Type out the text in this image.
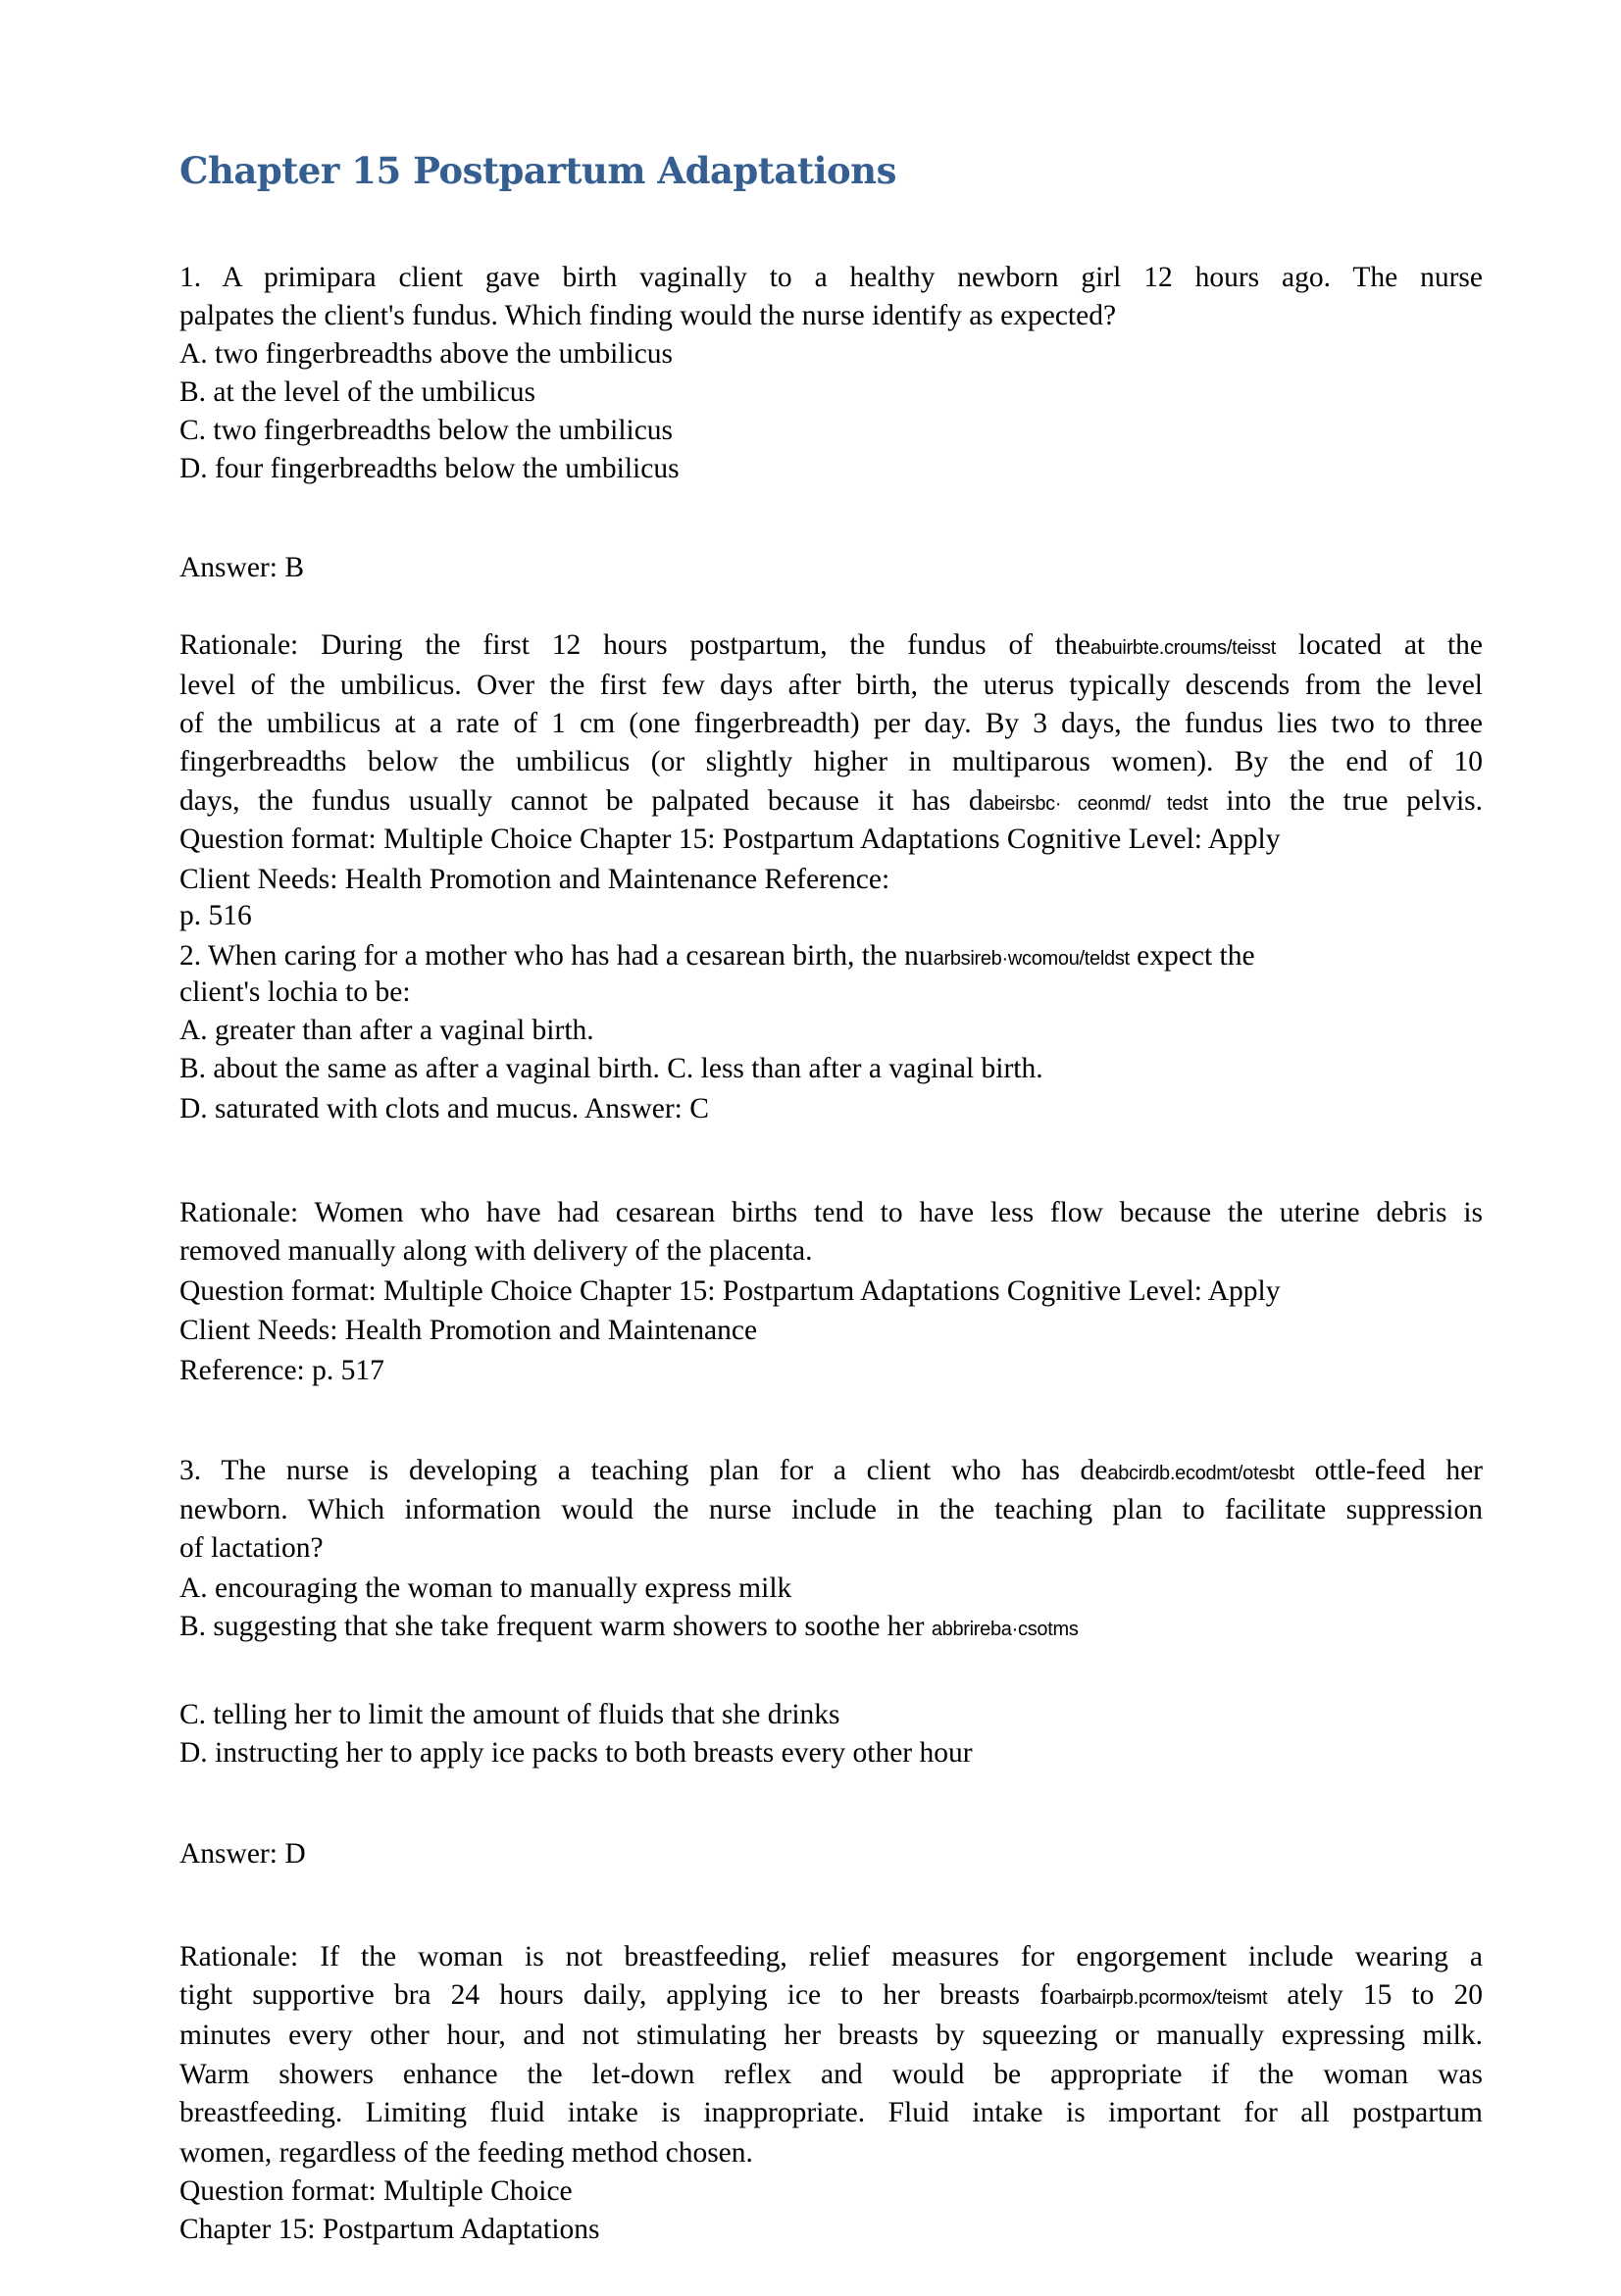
Chapter 15 Postpartum Adaptations
1. A primipara client gave birth vaginally to a healthy newborn girl 12 hours ago. The nurse
palpates the client's fundus. Which finding would the nurse identify as expected?
A. two fingerbreadths above the umbilicus
B. at the level of the umbilicus
C. two fingerbreadths below the umbilicus
D. four fingerbreadths below the umbilicus
Answer: B
Rationale: During the first 12 hours postpartum, the fundus of theabuirbte.croums/teisst located at the
level of the umbilicus. Over the first few days after birth, the uterus typically descends from the level
of the umbilicus at a rate of 1 cm (one fingerbreadth) per day. By 3 days, the fundus lies two to three
fingerbreadths below the umbilicus (or slightly higher in multiparous women). By the end of 10
days, the fundus usually cannot be palpated because it has dabeirsbc· ceonmd/ tedst into the true pelvis.
Question format: Multiple Choice Chapter 15: Postpartum Adaptations Cognitive Level: Apply
Client Needs: Health Promotion and Maintenance Reference:
p. 516
2. When caring for a mother who has had a cesarean birth, the nuarbsireb·wcomou/teldst expect the
client's lochia to be:
A. greater than after a vaginal birth.
B. about the same as after a vaginal birth. C. less than after a vaginal birth.
D. saturated with clots and mucus. Answer: C
Rationale: Women who have had cesarean births tend to have less flow because the uterine debris is
removed manually along with delivery of the placenta.
Question format: Multiple Choice Chapter 15: Postpartum Adaptations Cognitive Level: Apply
Client Needs: Health Promotion and Maintenance
Reference: p. 517
3. The nurse is developing a teaching plan for a client who has deabcirdb.ecodmt/otesbt ottle-feed her
newborn. Which information would the nurse include in the teaching plan to facilitate suppression
of lactation?
A. encouraging the woman to manually express milk
B. suggesting that she take frequent warm showers to soothe her abbrireba·csotms
C. telling her to limit the amount of fluids that she drinks
D. instructing her to apply ice packs to both breasts every other hour
Answer: D
Rationale: If the woman is not breastfeeding, relief measures for engorgement include wearing a
tight supportive bra 24 hours daily, applying ice to her breasts foarbairpb.pcormox/teismt ately 15 to 20
minutes every other hour, and not stimulating her breasts by squeezing or manually expressing milk.
Warm showers enhance the let-down reflex and would be appropriate if the woman was
breastfeeding. Limiting fluid intake is inappropriate. Fluid intake is important for all postpartum
women, regardless of the feeding method chosen.
Question format: Multiple Choice
Chapter 15: Postpartum Adaptations
